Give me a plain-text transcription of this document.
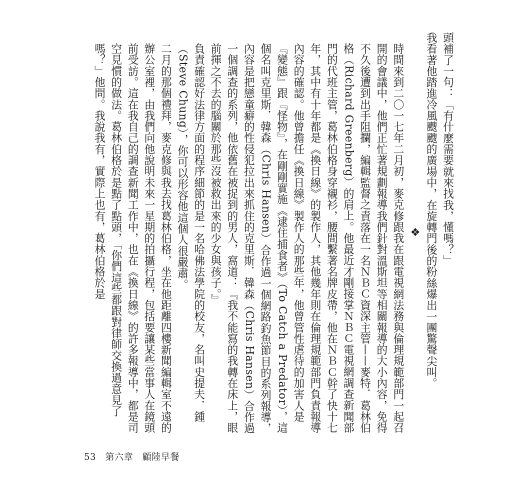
頭補了一句：「有什麼需要就來找我，懂嗎？」

我看著他踏進冷風颼颼的廣場中，在旋轉門後的粉絲爆出一團驚聲尖叫。

❖

時間來到二〇一七年二月初，麥克修跟我在跟電視網法務與倫理規範部門一起召開的會議中，他們正忙著規劃報導我們針對溫斯坦等相關報導的大小內容，免得不久後遭到出手阻攔，編輯監督之責落在一名ＮＢＣ資深主管——麥特．葛林伯格（Richard Greenberg）的肩上。他最近才剛接掌ＮＢＣ電視網調查新聞部門的代班主管，葛林伯格身穿襯衫，腰間繫著名牌皮帶，他在ＮＢＣ幹了快十七年，其中有十年都是《換日線》的製作人，其他幾年則在倫理規範部門負責報導內容的確認。他曾擔任《換日線》製作人的那些年，他曾管性虐待的加害人是『變態』跟『怪物』，在剛剛實施《逮住捕食者》（To Catch a Predator），這個名叫克里斯．韓森（Chris Hansen）合作過一個網路釣魚節目的系列報導，內容是把戀童癖的性侵犯拉出來抓住的克里斯．韓森（Chris Hansen）合作過一個調查的系列，他依舊在被捉到的男人，窩道：『我不能寫的我轉在床上，眼前揮之不去的腦關於那些沒被救出來的少女與孩子。』

負責確認好法律方面的程序細節的是一名哈佛法學院的校友，名叫史提夫．鍾（Steve Chung），你可以形容他這個人很嚴肅。

二月的那個禮拜，麥克修與我去找葛林伯格，坐在他距離四樓新聞編輯室不遠的辦公室裡，由我們向他說明未來一星期的拍攝行程，包括要讓某些當事人在鏡頭前受訪。這在我自己的調查新聞工作中，也在《換日線》的許多報導中，都是司空見慣的做法。葛林伯格於是點了點頭，「你們這些都跟對律師交換過意見了嗎？」他問。我說我有，實際上也有，葛林伯格於是

53 第六章 顧陸早餐
